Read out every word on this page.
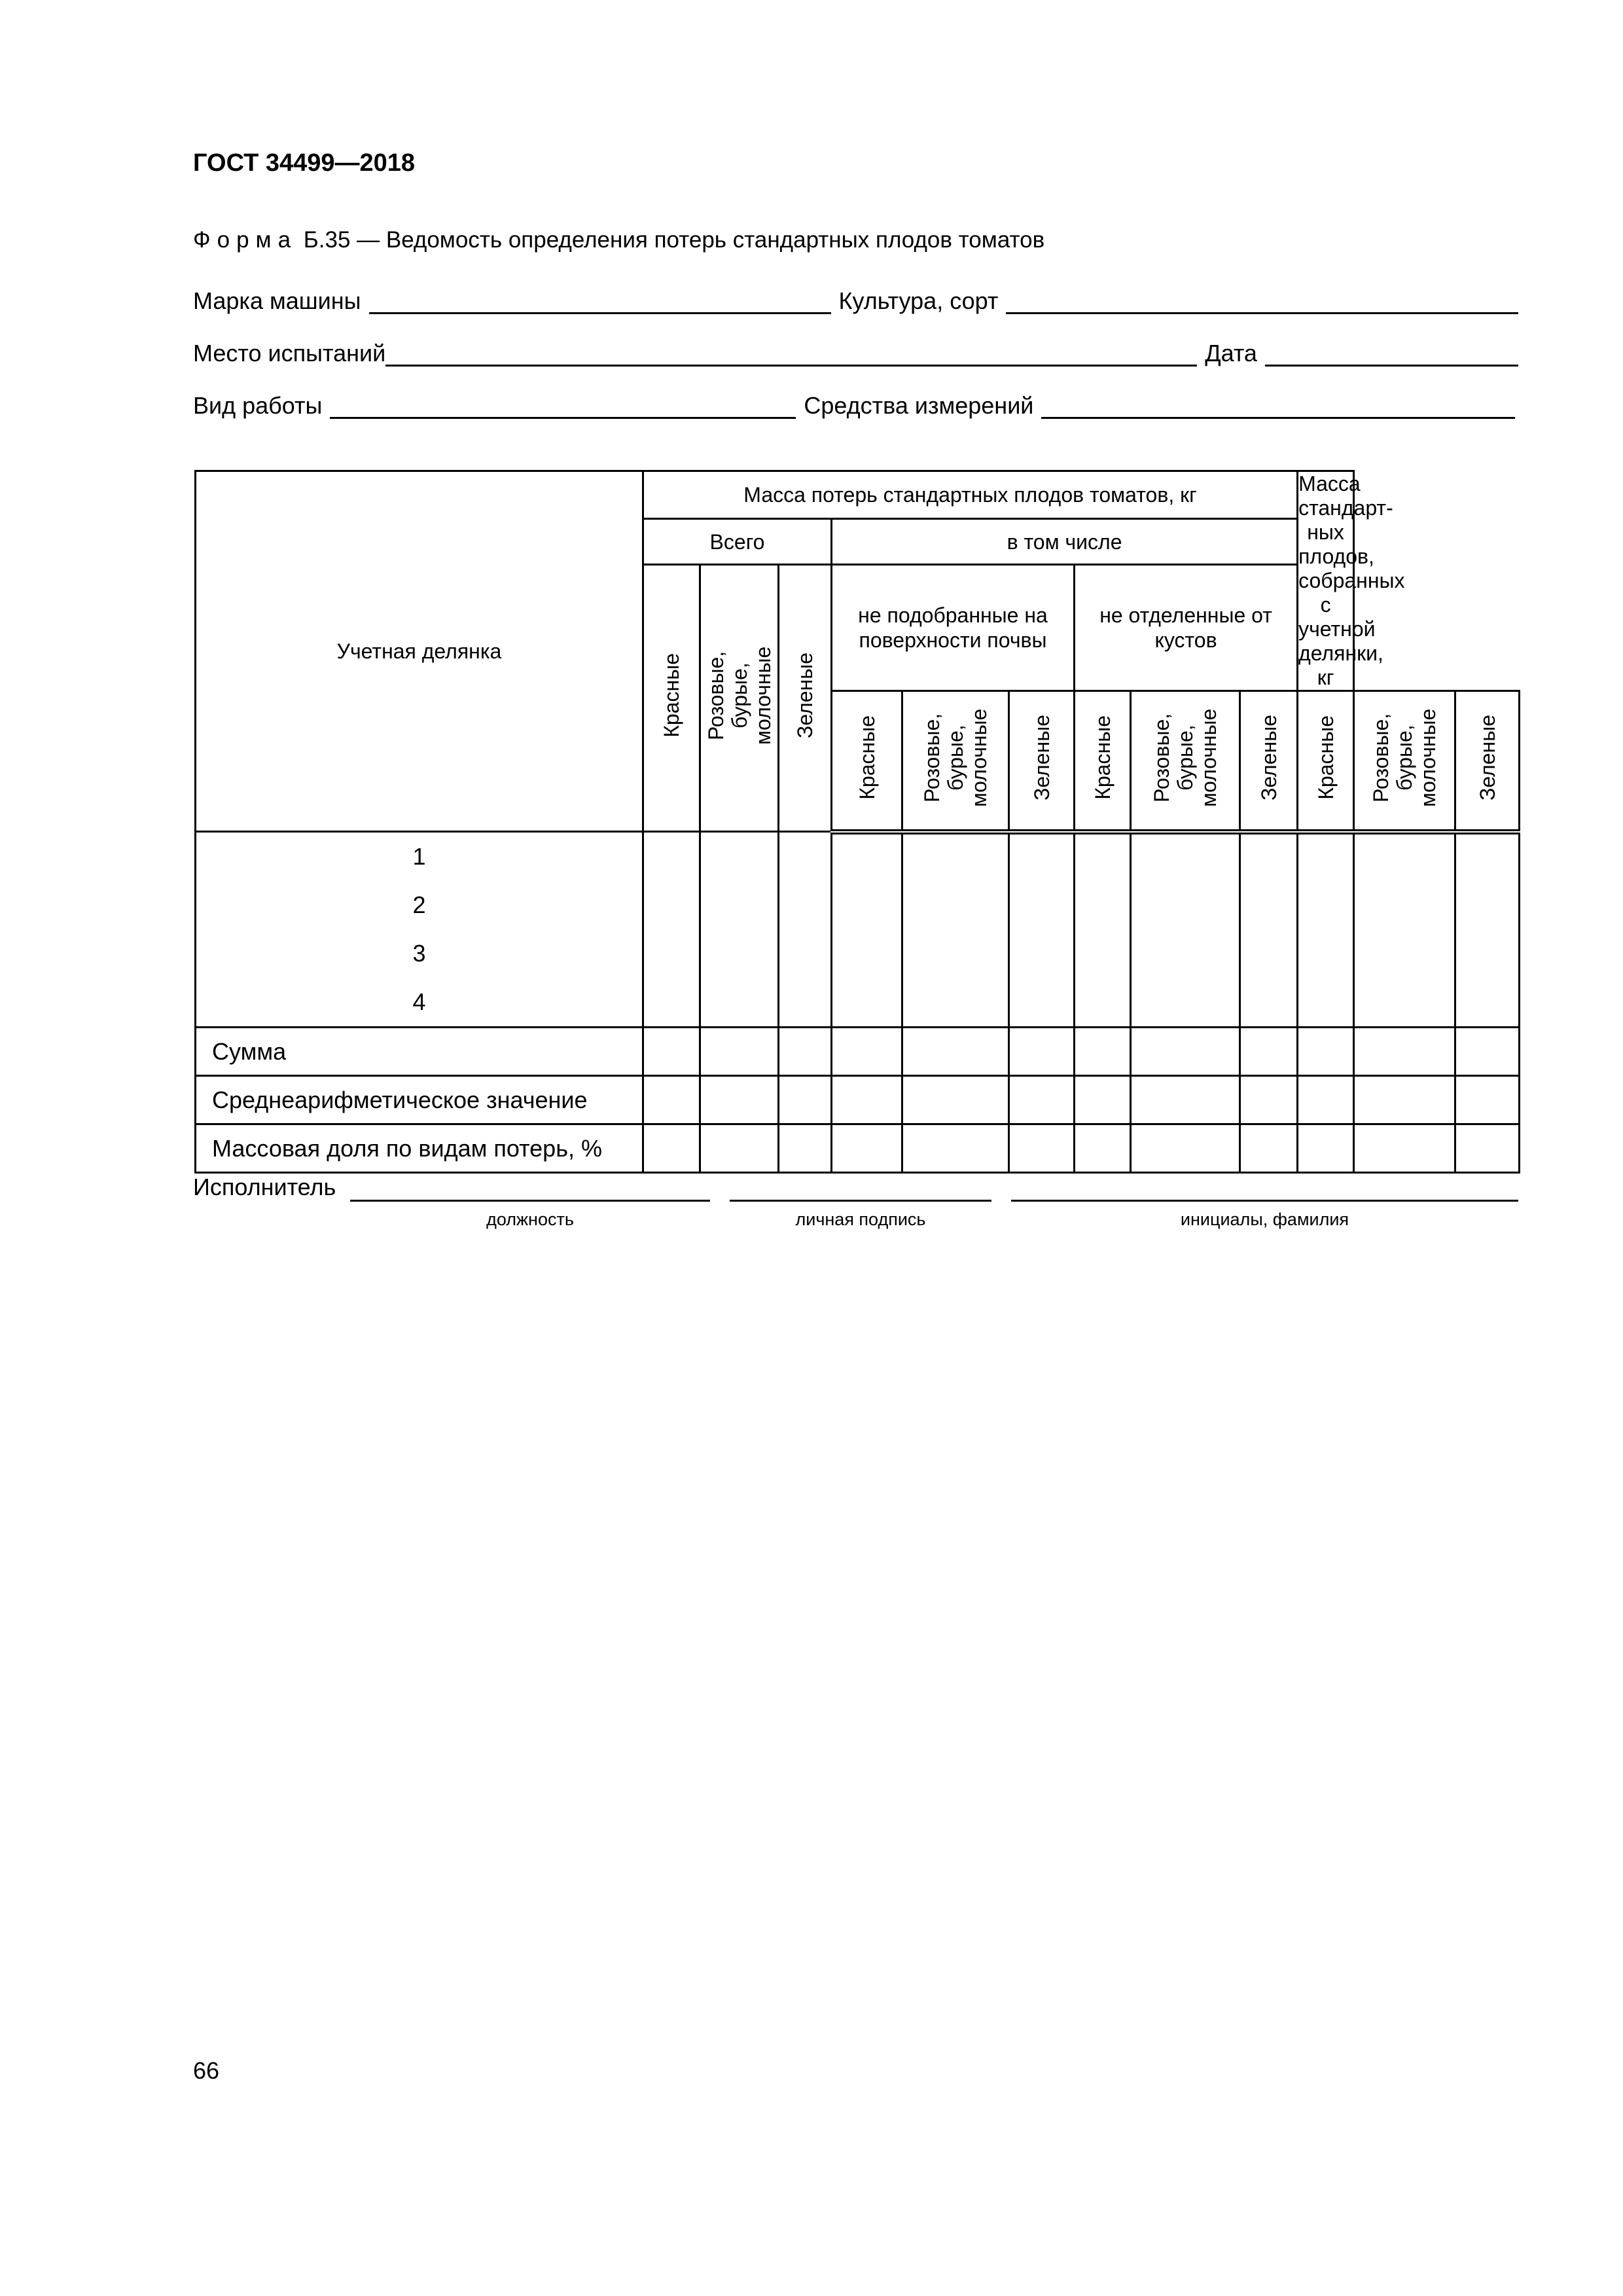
ГОСТ 34499—2018
Форма Б.35 — Ведомость определения потерь стандартных плодов томатов
Марка машины	Культура, сорт
Место испытаний	Дата
Вид работы	Средства измерений
Учетная делянка	Масса потерь стандартных плодов томатов, кг									Масса стандарт-ных плодов, собранных с учетной делянки, кг		
	Всего			в том числе								
	Красные	Розовые, бурые, молочные	Зеленые	не подобранные на поверхности почвы			не отделенные от кустов					
				Красные	Розовые, бурые, молочные	Зеленые	Красные	Розовые, бурые, молочные	Зеленые	Красные	Розовые, бурые, молочные	Зеленые

1
2
3
4												

Сумма												
Среднеарифметическое значение												
Массовая доля по видам потерь, %												
Исполнитель
должность	личная подпись	инициалы, фамилия
66
